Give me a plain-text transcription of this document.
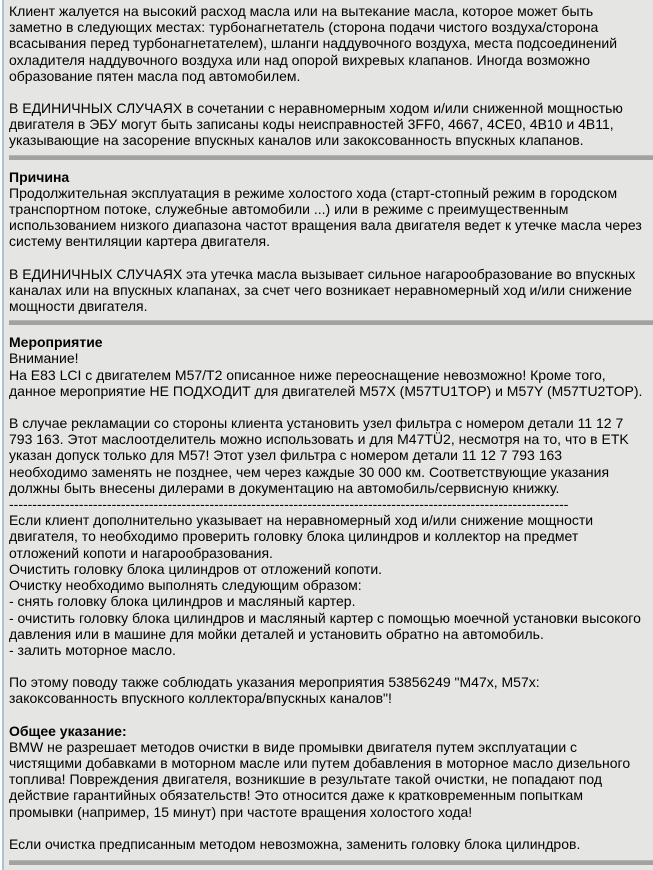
Клиент жалуется на высокий расход масла или на вытекание масла, которое может быть заметно в следующих местах: турбонагнетатель (сторона подачи чистого воздуха/сторона всасывания перед турбонагнетателем), шланги наддувочного воздуха, места подсоединений охладителя наддувочного воздуха или над опорой вихревых клапанов. Иногда возможно образование пятен масла под автомобилем.

В ЕДИНИЧНЫХ СЛУЧАЯХ в сочетании с неравномерным ходом и/или сниженной мощностью двигателя в ЭБУ могут быть записаны коды неисправностей 3FF0, 4667, 4CE0, 4B10 и 4B11, указывающие на засорение впускных каналов или закоксованность впускных клапанов.

Причина

Продолжительная эксплуатация в режиме холостого хода (старт-стопный режим в городском транспортном потоке, служебные автомобили ...) или в режиме с преимущественным использованием низкого диапазона частот вращения вала двигателя ведет к утечке масла через систему вентиляции картера двигателя.

В ЕДИНИЧНЫХ СЛУЧАЯХ эта утечка масла вызывает сильное нагарообразование во впускных каналах или на впускных клапанах, за счет чего возникает неравномерный ход и/или снижение мощности двигателя.

Мероприятие
Внимание!

На E83 LCI с двигателем M57/T2 описанное ниже переоснащение невозможно! Кроме того, данное мероприятие НЕ ПОДХОДИТ для двигателей M57X (M57TU1TOP) и M57Y (M57TU2TOP).

В случае рекламации со стороны клиента установить узел фильтра с номером детали 11 12 7 793 163. Этот маслоотделитель можно использовать и для M47TÜ2, несмотря на то, что в ETK указан допуск только для M57! Этот узел фильтра с номером детали 11 12 7 793 163 необходимо заменять не позднее, чем через каждые 30 000 км. Соответствующие указания должны быть внесены дилерами в документацию на автомобиль/сервисную книжку.

------------------------------------------------------------------------------------------------------------------------
Если клиент дополнительно указывает на неравномерный ход и/или снижение мощности двигателя, то необходимо проверить головку блока цилиндров и коллектор на предмет отложений копоти и нагарообразования.
Очистить головку блока цилиндров от отложений копоти.
Очистку необходимо выполнять следующим образом:
- снять головку блока цилиндров и масляный картер.
- очистить головку блока цилиндров и масляный картер с помощью моечной установки высокого давления или в машине для мойки деталей и установить обратно на автомобиль.
- залить моторное масло.

По этому поводу также соблюдать указания мероприятия 53856249 "M47x, M57x: закоксованность впускного коллектора/впускных каналов"!

Общее указание:

BMW не разрешает методов очистки в виде промывки двигателя путем эксплуатации с чистящими добавками в моторном масле или путем добавления в моторное масло дизельного топлива! Повреждения двигателя, возникшие в результате такой очистки, не попадают под действие гарантийных обязательств! Это относится даже к кратковременным попыткам промывки (например, 15 минут) при частоте вращения холостого хода!

Если очистка предписанным методом невозможна, заменить головку блока цилиндров.
